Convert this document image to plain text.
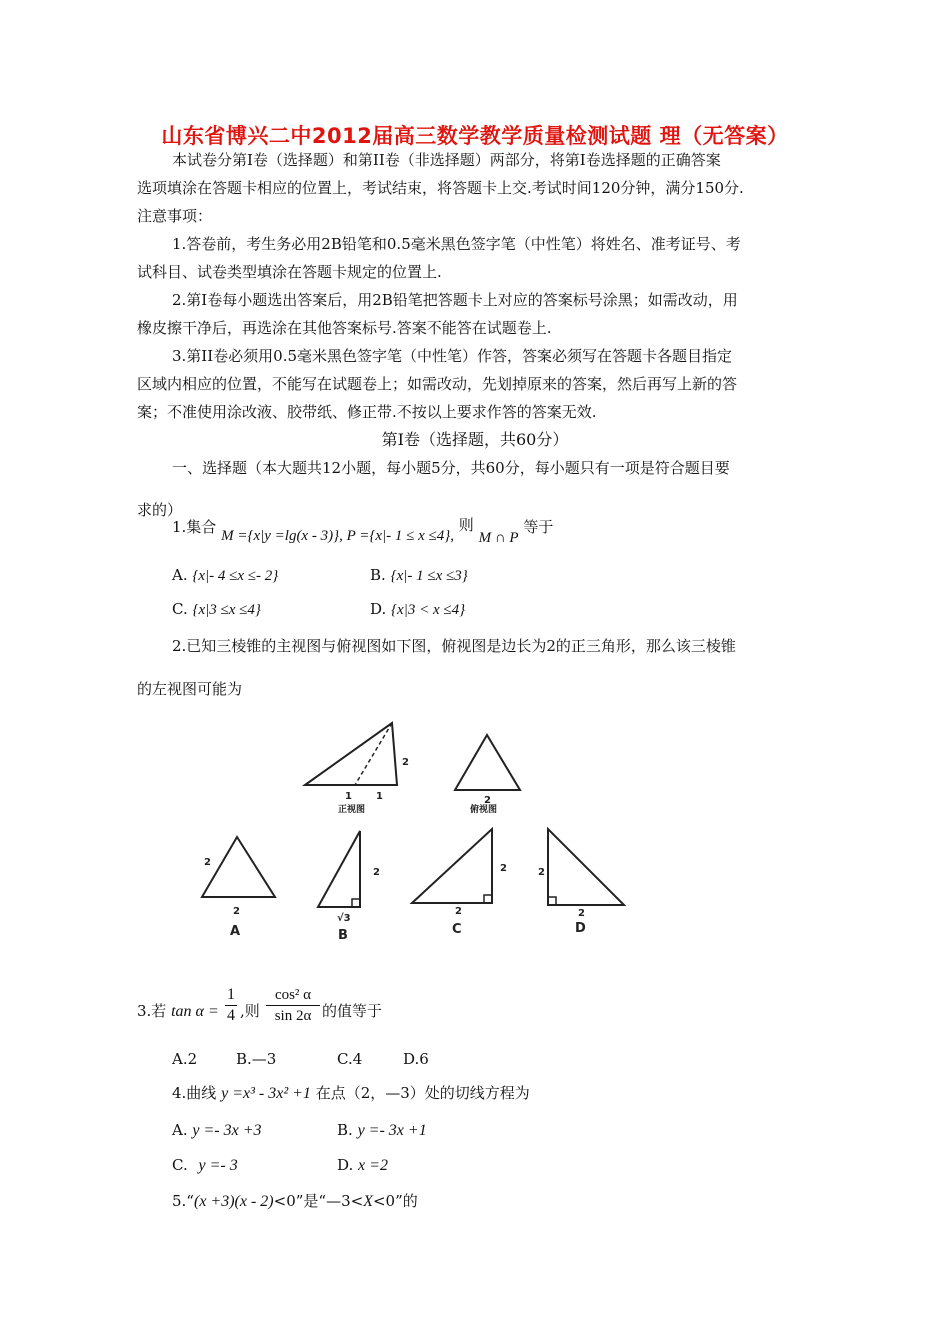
山东省博兴二中2012届高三数学教学质量检测试题 理（无答案）
本试卷分第Ⅰ卷（选择题）和第II卷（非选择题）两部分，将第Ⅰ卷选择题的正确答案
选项填涂在答题卡相应的位置上，考试结束，将答题卡上交.考试时间120分钟，满分150分.
注意事项：
1.答卷前，考生务必用2B铅笔和0.5毫米黑色签字笔（中性笔）将姓名、准考证号、考
试科目、试卷类型填涂在答题卡规定的位置上.
2.第Ⅰ卷每小题选出答案后，用2B铅笔把答题卡上对应的答案标号涂黑；如需改动，用
橡皮擦干净后，再选涂在其他答案标号.答案不能答在试题卷上.
3.第II卷必须用0.5毫米黑色签字笔（中性笔）作答，答案必须写在答题卡各题目指定
区域内相应的位置，不能写在试题卷上；如需改动，先划掉原来的答案，然后再写上新的答
案；不准使用涂改液、胶带纸、修正带.不按以上要求作答的答案无效.
第Ⅰ卷（选择题，共60分）
一、选择题（本大题共12小题，每小题5分，共60分，每小题只有一项是符合题目要
求的）
1.集合 M ={x|y =lg(x - 3)}, P ={x|- 1 ≤ x ≤4}, 则 M ∩ P 等于
A. {x|- 4 ≤x ≤- 2}	B. {x|- 1 ≤x ≤3}
C. {x|3 ≤x ≤4}	D. {x|3 < x ≤4}
2.已知三棱锥的主视图与俯视图如下图，俯视图是边长为2的正三角形，那么该三棱锥
的左视图可能为
2
1 1
正视图
2
俯视图
2
2
A
2
√3
B
2
2
C
2
2
D
3.若 tan α =
1
4 ,则
cos² α
sin 2α 的值等于
A.2	B.—3	C.4	D.6
4.曲线 y =x³ - 3x² +1 在点（2，—3）处的切线方程为
A. y =- 3x +3	B. y =- 3x +1
C. y =- 3	D. x =2
5.“(x +3)(x - 2)<0”是“—3<X<0”的
